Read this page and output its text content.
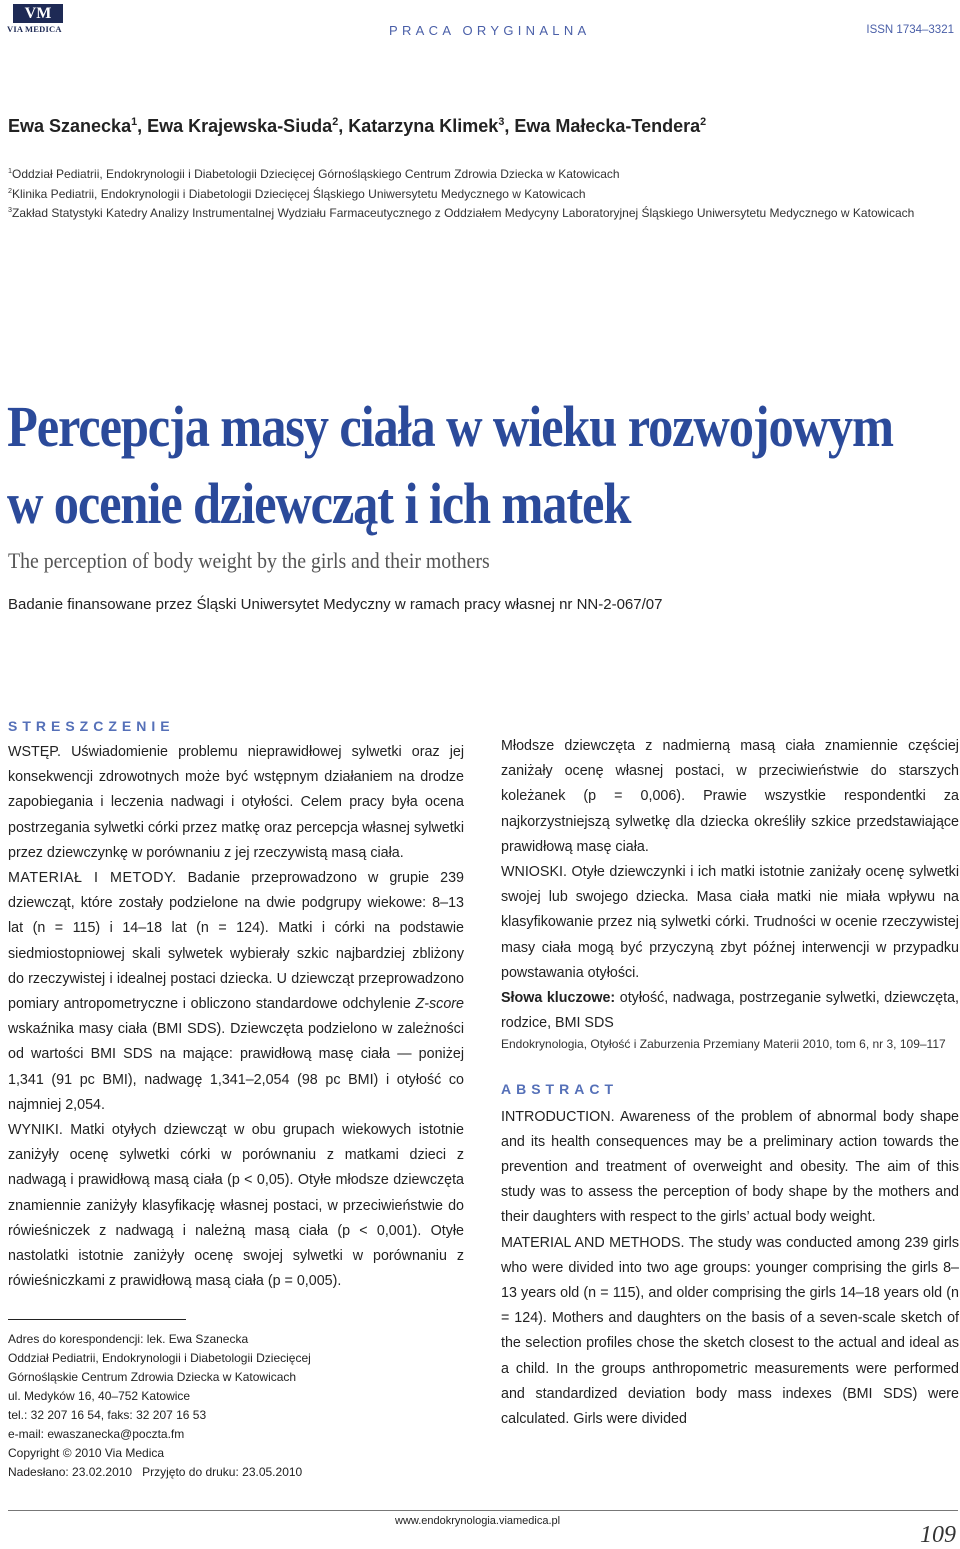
VM
VIA MEDICA	PRACA ORYGINALNA	ISSN 1734–3321
Ewa Szanecka$^1$, Ewa Krajewska-Siuda$^2$, Katarzyna Klimek$^3$, Ewa Małecka-Tendera$^2$

$^1$Oddział Pediatrii, Endokrynologii i Diabetologii Dziecięcej Górnośląskiego Centrum Zdrowia Dziecka w Katowicach

$^2$Klinika Pediatrii, Endokrynologii i Diabetologii Dziecięcej Śląskiego Uniwersytetu Medycznego w Katowicach

$^3$Zakład Statystyki Katedry Analizy Instrumentalnej Wydziału Farmaceutycznego z Oddziałem Medycyny Laboratoryjnej Śląskiego Uniwersytetu Medycznego w Katowicach

Percepcja masy ciała w wieku rozwojowym
w ocenie dziewcząt i ich matek
The perception of body weight by the girls and their mothers
Badanie finansowane przez Śląski Uniwersytet Medyczny w ramach pracy własnej nr NN-2-067/07
STRESZCZENIE

WSTĘP. Uświadomienie problemu nieprawidłowej sylwetki oraz jej konsekwencji zdrowotnych może być wstępnym działaniem na drodze zapobiegania i leczenia nadwagi i otyłości. Celem pracy była ocena postrzegania sylwetki córki przez matkę oraz percepcja własnej sylwetki przez dziewczynkę w porównaniu z jej rzeczywistą masą ciała.

MATERIAŁ I METODY. Badanie przeprowadzono w grupie 239 dziewcząt, które zostały podzielone na dwie podgrupy wiekowe: 8–13 lat (n = 115) i 14–18 lat (n = 124). Matki i córki na podstawie siedmiostopniowej skali sylwetek wybierały szkic najbardziej zbliżony do rzeczywistej i idealnej postaci dziecka. U dziewcząt przeprowadzono pomiary antropometryczne i obliczono standardowe odchylenie Z-score wskaźnika masy ciała (BMI SDS). Dziewczęta podzielono w zależności od wartości BMI SDS na mające: prawidłową masę ciała — poniżej 1,341 (91 pc BMI), nadwagę 1,341–2,054 (98 pc BMI) i otyłość co najmniej 2,054.

WYNIKI. Matki otyłych dziewcząt w obu grupach wiekowych istotnie zaniżyły ocenę sylwetki córki w porównaniu z matkami dzieci z nadwagą i prawidłową masą ciała (p < 0,05). Otyłe młodsze dziewczęta znamiennie zaniżyły klasyfikację własnej postaci, w przeciwieństwie do rówieśniczek z nadwagą i należną masą ciała (p < 0,001). Otyłe nastolatki istotnie zaniżyły ocenę swojej sylwetki w porównaniu z rówieśniczkami z prawidłową masą ciała (p = 0,005).

Adres do korespondencji: lek. Ewa Szanecka

Oddział Pediatrii, Endokrynologii i Diabetologii Dziecięcej

Górnośląskie Centrum Zdrowia Dziecka w Katowicach

ul. Medyków 16, 40–752 Katowice

tel.: 32 207 16 54, faks: 32 207 16 53

e-mail: ewaszanecka@poczta.fm

Copyright © 2010 Via Medica

Nadesłano: 23.02.2010   Przyjęto do druku: 23.05.2010

Młodsze dziewczęta z nadmierną masą ciała znamiennie częściej zaniżały ocenę własnej postaci, w przeciwieństwie do starszych koleżanek (p = 0,006). Prawie wszystkie respondentki za najkorzystniejszą sylwetkę dla dziecka określiły szkice przedstawiające prawidłową masę ciała.

WNIOSKI. Otyłe dziewczynki i ich matki istotnie zaniżały ocenę sylwetki swojej lub swojego dziecka. Masa ciała matki nie miała wpływu na klasyfikowanie przez nią sylwetki córki. Trudności w ocenie rzeczywistej masy ciała mogą być przyczyną zbyt późnej interwencji w przypadku powstawania otyłości.

Słowa kluczowe: otyłość, nadwaga, postrzeganie sylwetki, dziewczęta, rodzice, BMI SDS

Endokrynologia, Otyłość i Zaburzenia Przemiany Materii 2010, tom 6, nr 3, 109–117

ABSTRACT

INTRODUCTION. Awareness of the problem of abnormal body shape and its health consequences may be a preliminary action towards the prevention and treatment of overweight and obesity. The aim of this study was to assess the perception of body shape by the mothers and their daughters with respect to the girls’ actual body weight.

MATERIAL AND METHODS. The study was conducted among 239 girls who were divided into two age groups: younger comprising the girls 8–13 years old (n = 115), and older comprising the girls 14–18 years old (n = 124). Mothers and daughters on the basis of a seven-scale sketch of the selection profiles chose the sketch closest to the actual and ideal as a child. In the groups anthropometric measurements were performed and standardized deviation body mass indexes (BMI SDS) were calculated. Girls were divided

www.endokrynologia.viamedica.pl
109
